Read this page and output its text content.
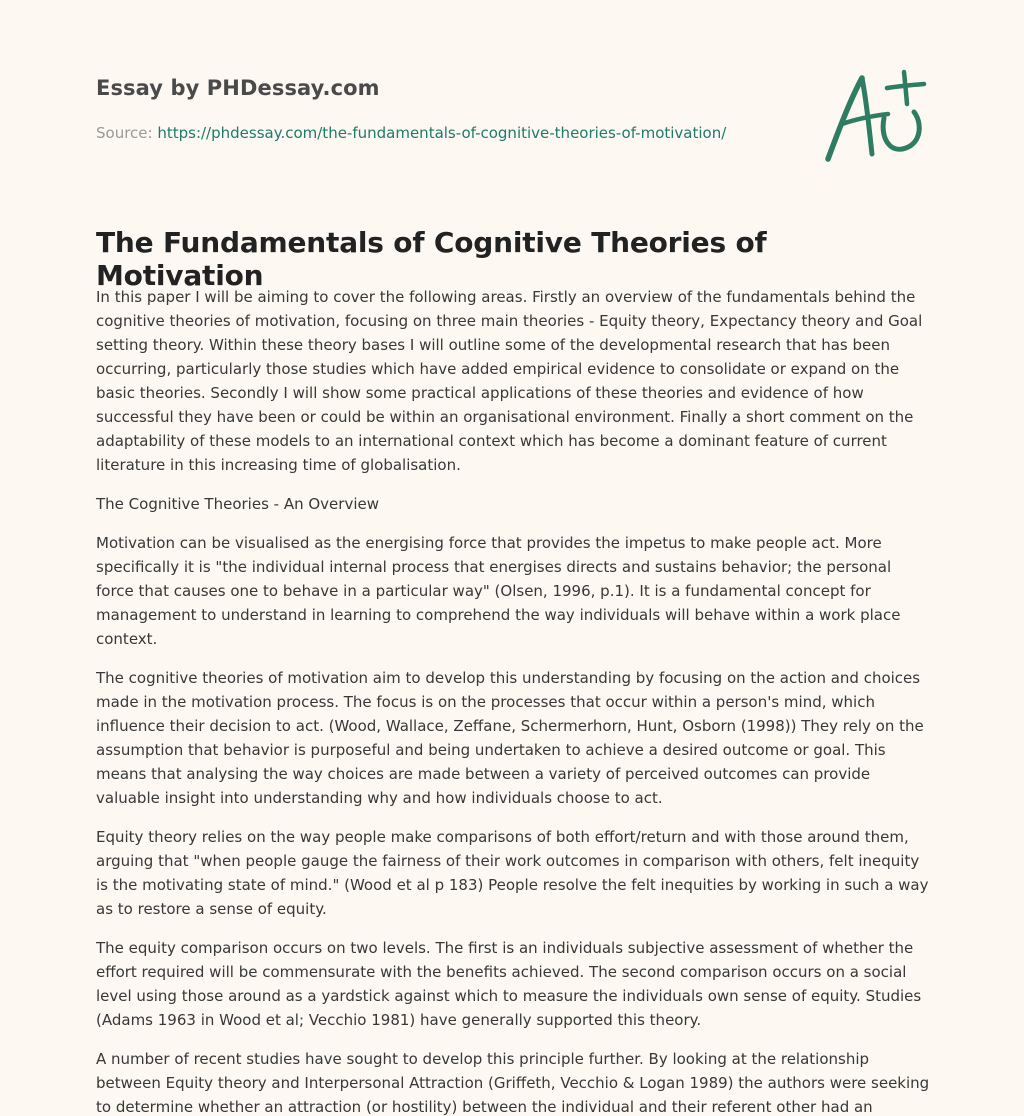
Essay by PHDessay.com

Source: https://phdessay.com/the-fundamentals-of-cognitive-theories-of-motivation/

The Fundamentals of Cognitive Theories of Motivation

In this paper I will be aiming to cover the following areas. Firstly an overview of the fundamentals behind the cognitive theories of motivation, focusing on three main theories - Equity theory, Expectancy theory and Goal setting theory. Within these theory bases I will outline some of the developmental research that has been occurring, particularly those studies which have added empirical evidence to consolidate or expand on the basic theories. Secondly I will show some practical applications of these theories and evidence of how successful they have been or could be within an organisational environment. Finally a short comment on the adaptability of these models to an international context which has become a dominant feature of current literature in this increasing time of globalisation.

The Cognitive Theories - An Overview

Motivation can be visualised as the energising force that provides the impetus to make people act. More specifically it is "the individual internal process that energises directs and sustains behavior; the personal force that causes one to behave in a particular way" (Olsen, 1996, p.1). It is a fundamental concept for management to understand in learning to comprehend the way individuals will behave within a work place context.

The cognitive theories of motivation aim to develop this understanding by focusing on the action and choices made in the motivation process. The focus is on the processes that occur within a person's mind, which influence their decision to act. (Wood, Wallace, Zeffane, Schermerhorn, Hunt, Osborn (1998)) They rely on the assumption that behavior is purposeful and being undertaken to achieve a desired outcome or goal. This means that analysing the way choices are made between a variety of perceived outcomes can provide valuable insight into understanding why and how individuals choose to act.

Equity theory relies on the way people make comparisons of both effort/return and with those around them, arguing that "when people gauge the fairness of their work outcomes in comparison with others, felt inequity is the motivating state of mind." (Wood et al p 183) People resolve the felt inequities by working in such a way as to restore a sense of equity.

The equity comparison occurs on two levels. The first is an individuals subjective assessment of whether the effort required will be commensurate with the benefits achieved. The second comparison occurs on a social level using those around as a yardstick against which to measure the individuals own sense of equity. Studies (Adams 1963 in Wood et al; Vecchio 1981) have generally supported this theory.

A number of recent studies have sought to develop this principle further. By looking at the relationship between Equity theory and Interpersonal Attraction (Griffeth, Vecchio & Logan 1989) the authors were seeking to determine whether an attraction (or hostility) between the individual and their referent other had an
